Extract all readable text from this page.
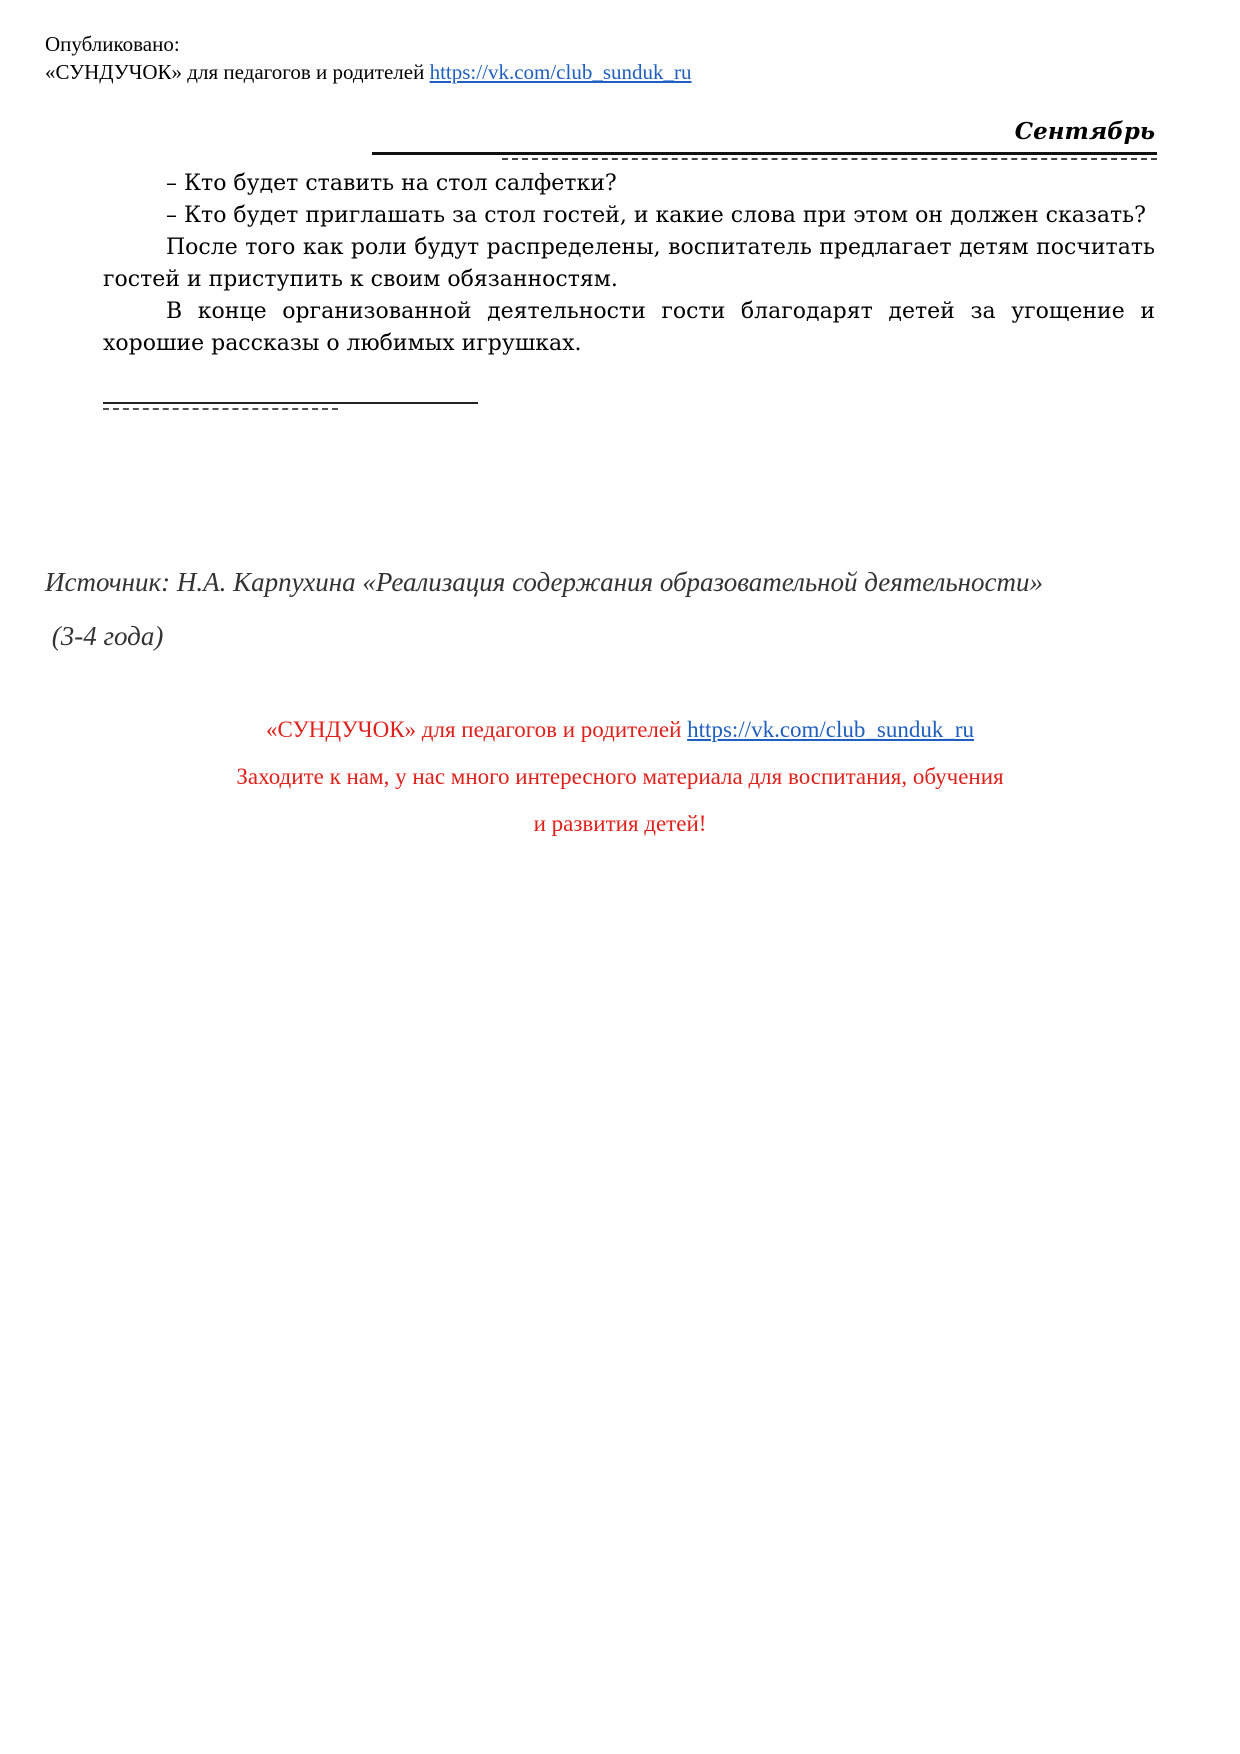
Опубликовано:
«СУНДУЧОК» для педагогов и родителей https://vk.com/club_sunduk_ru
Сентябрь

– Кто будет ставить на стол салфетки?

– Кто будет приглашать за стол гостей, и какие слова при этом он должен сказать?

После того как роли будут распределены, воспитатель предлагает детям посчитать гостей и приступить к своим обязанностям.

В конце организованной деятельности гости благодарят детей за угощение и хорошие рассказы о любимых игрушках.

Источник: Н.А. Карпухина «Реализация содержания образовательной деятельности»
(3-4 года)
«СУНДУЧОК» для педагогов и родителей https://vk.com/club_sunduk_ru
Заходите к нам, у нас много интересного материала для воспитания, обучения
и развития детей!
